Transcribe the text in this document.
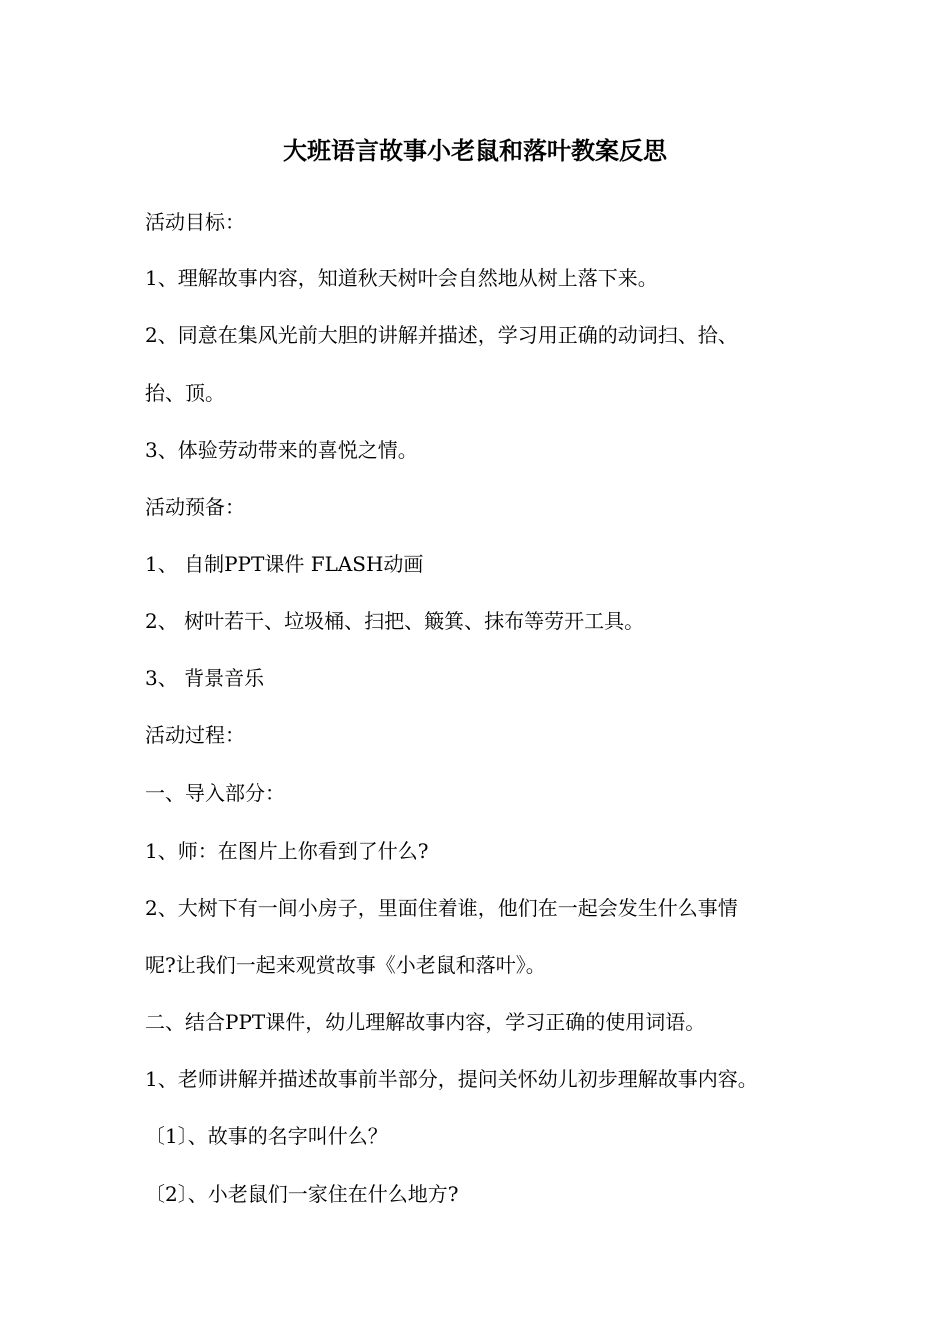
大班语言故事小老鼠和落叶教案反思
活动目标：
1、理解故事内容，知道秋天树叶会自然地从树上落下来。
2、同意在集风光前大胆的讲解并描述，学习用正确的动词扫、拾、
抬、顶。
3、体验劳动带来的喜悦之情。
活动预备：
1、 自制PPT课件 FLASH动画
2、 树叶若干、垃圾桶、扫把、簸箕、抹布等劳开工具。
3、 背景音乐
活动过程：
一、导入部分：
1、师：在图片上你看到了什么?
2、大树下有一间小房子，里面住着谁，他们在一起会发生什么事情
呢?让我们一起来观赏故事《小老鼠和落叶》。
二、结合PPT课件，幼儿理解故事内容，学习正确的使用词语。
1、老师讲解并描述故事前半部分，提问关怀幼儿初步理解故事内容。
〔1〕、故事的名字叫什么？
〔2〕、小老鼠们一家住在什么地方?
